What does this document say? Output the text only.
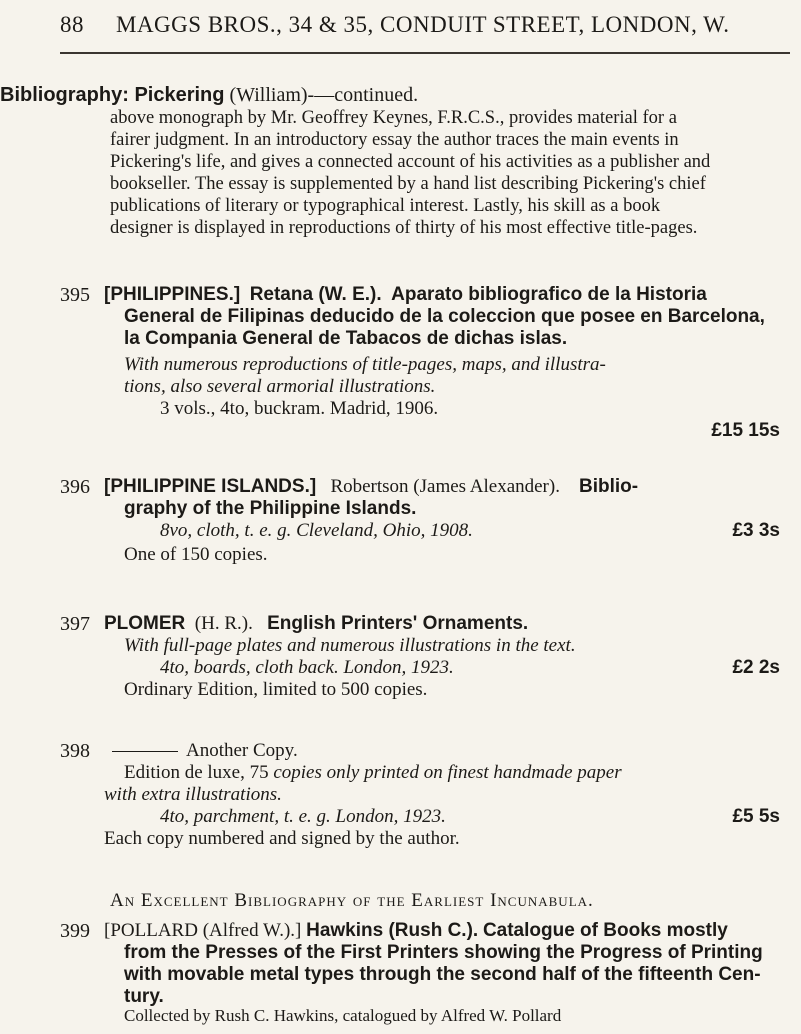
88 MAGGS BROS., 34 & 35, CONDUIT STREET, LONDON, W.
Bibliography: Pickering (William)-—continued.
above monograph by Mr. Geoffrey Keynes, F.R.C.S., provides material for a
fairer judgment. In an introductory essay the author traces the main events in
Pickering's life, and gives a connected account of his activities as a publisher and
bookseller. The essay is supplemented by a hand list describing Pickering's chief
publications of literary or typographical interest. Lastly, his skill as a book
designer is displayed in reproductions of thirty of his most effective title-pages.
395 [PHILIPPINES.] Retana (W. E.). Aparato bibliografico de la Historia
General de Filipinas deducido de la coleccion que posee en Barcelona,
la Compania General de Tabacos de dichas islas.
With numerous reproductions of title-pages, maps, and illustra-
tions, also several armorial illustrations.
3 vols., 4to, buckram. Madrid, 1906.
£15 15s
396 [PHILIPPINE ISLANDS.] Robertson (James Alexander). Biblio-
graphy of the Philippine Islands.
8vo, cloth, t. e. g. Cleveland, Ohio, 1908.
One of 150 copies.
£3 3s
397 PLOMER (H. R.). English Printers' Ornaments.
With full-page plates and numerous illustrations in the text.
4to, boards, cloth back. London, 1923.
Ordinary Edition, limited to 500 copies.
£2 2s
398	Another Copy.
Edition de luxe, 75 copies only printed on finest handmade paper
with extra illustrations.
4to, parchment, t. e. g. London, 1923.
Each copy numbered and signed by the author.
£5 5s
An Excellent Bibliography of the Earliest Incunabula.
399 [POLLARD (Alfred W.).] Hawkins (Rush C.). Catalogue of Books mostly
from the Presses of the First Printers showing the Progress of Printing
with movable metal types through the second half of the fifteenth Cen-
tury.
Collected by Rush C. Hawkins, catalogued by Alfred W. Pollard
